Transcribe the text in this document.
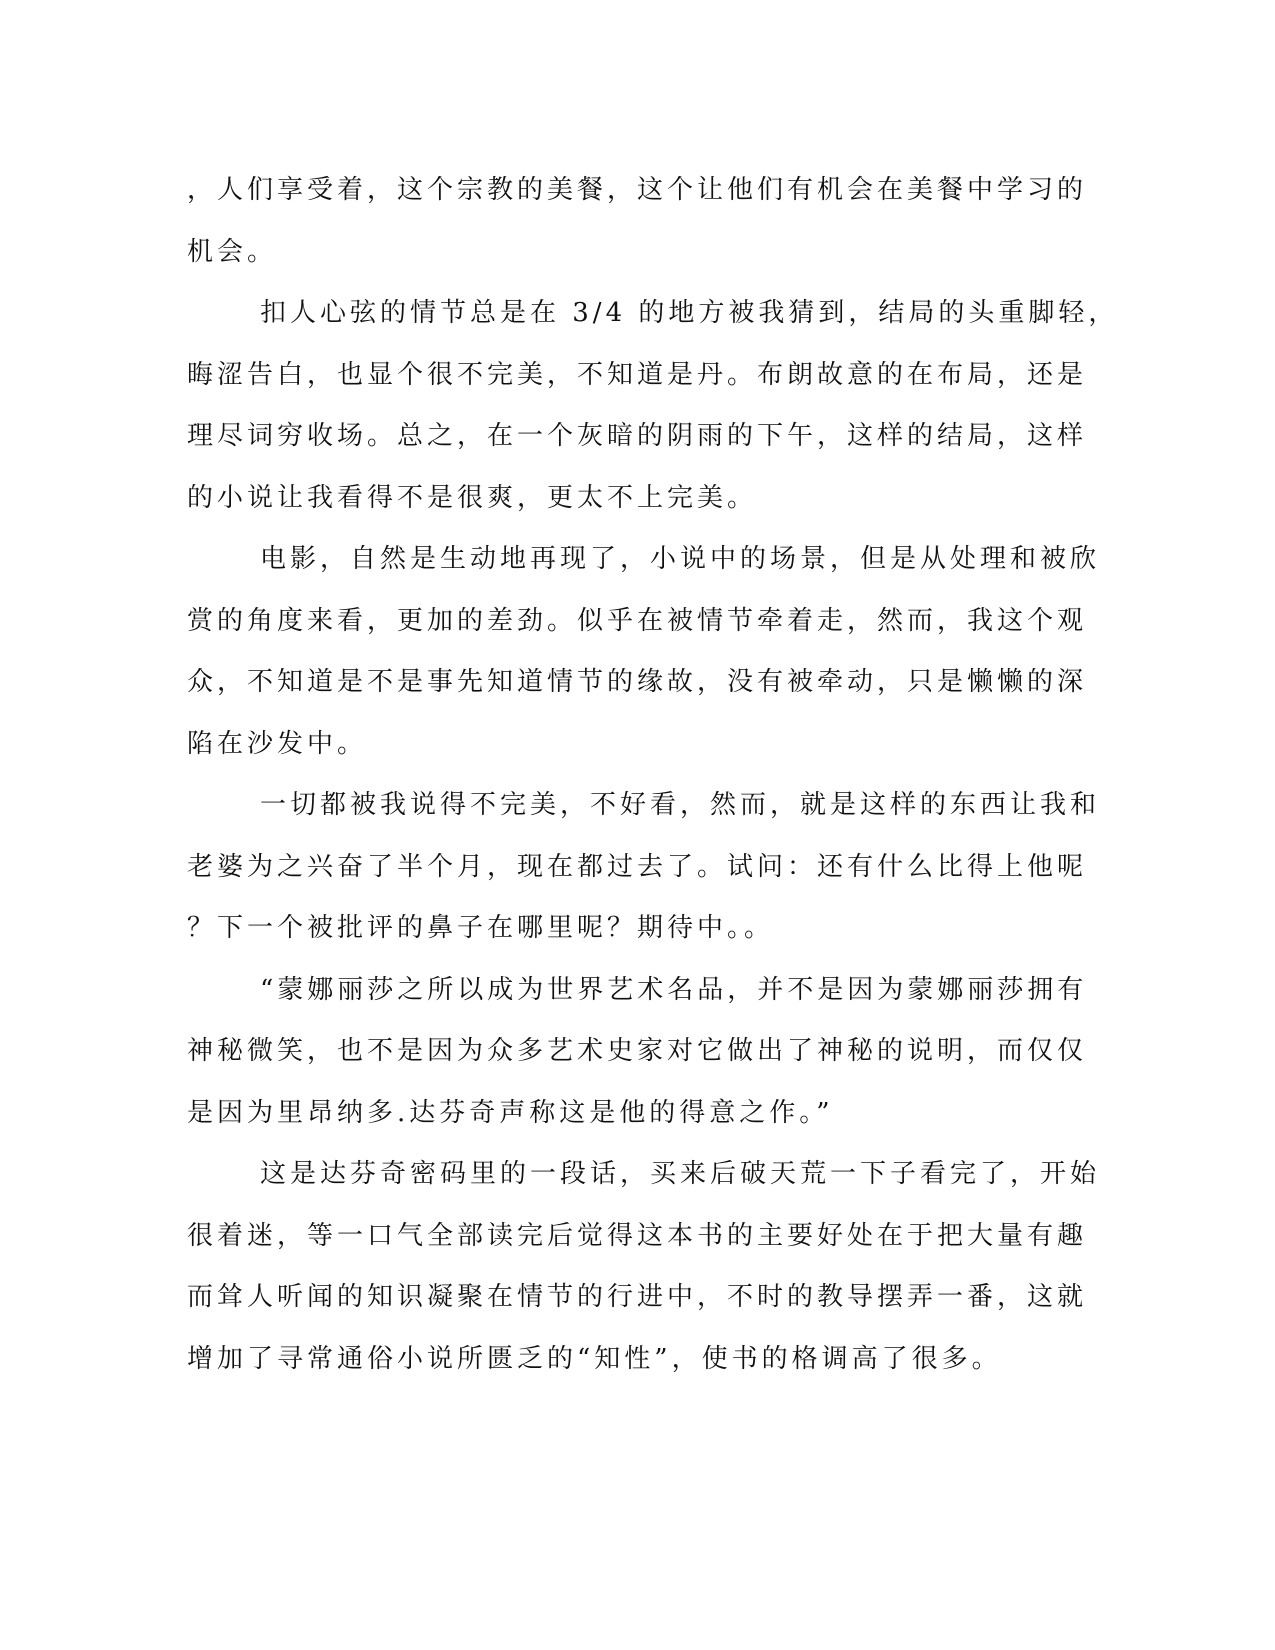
，人们享受着，这个宗教的美餐，这个让他们有机会在美餐中学习的
机会。
扣人心弦的情节总是在 3/4 的地方被我猜到，结局的头重脚轻，
晦涩告白，也显个很不完美，不知道是丹。布朗故意的在布局，还是
理尽词穷收场。总之，在一个灰暗的阴雨的下午，这样的结局，这样
的小说让我看得不是很爽，更太不上完美。
电影，自然是生动地再现了，小说中的场景，但是从处理和被欣
赏的角度来看，更加的差劲。似乎在被情节牵着走，然而，我这个观
众，不知道是不是事先知道情节的缘故，没有被牵动，只是懒懒的深
陷在沙发中。
一切都被我说得不完美，不好看，然而，就是这样的东西让我和
老婆为之兴奋了半个月，现在都过去了。试问：还有什么比得上他呢
？下一个被批评的鼻子在哪里呢？期待中。。
“蒙娜丽莎之所以成为世界艺术名品，并不是因为蒙娜丽莎拥有
神秘微笑，也不是因为众多艺术史家对它做出了神秘的说明，而仅仅
是因为里昂纳多.达芬奇声称这是他的得意之作。”
这是达芬奇密码里的一段话，买来后破天荒一下子看完了，开始
很着迷，等一口气全部读完后觉得这本书的主要好处在于把大量有趣
而耸人听闻的知识凝聚在情节的行进中，不时的教导摆弄一番，这就
增加了寻常通俗小说所匮乏的“知性”，使书的格调高了很多。
